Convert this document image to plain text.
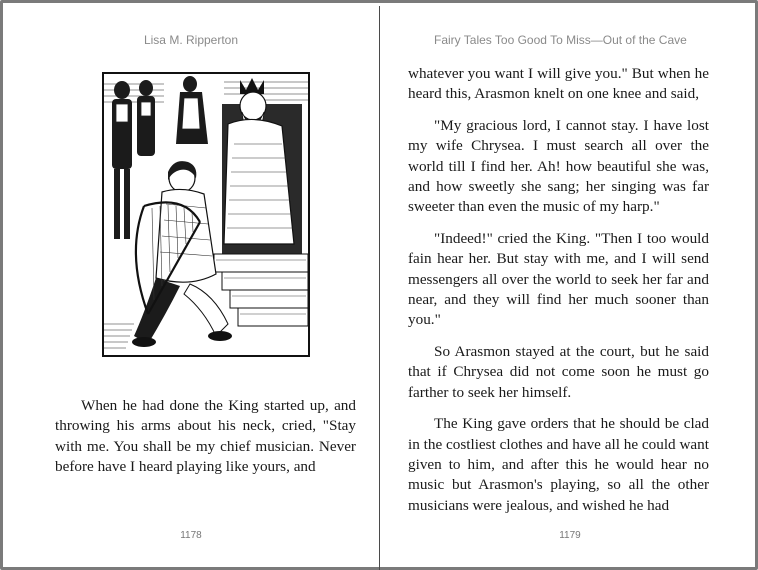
Lisa M. Ripperton

When he had done the King started up, and throwing his arms about his neck, cried, "Stay with me. You shall be my chief musician. Never before have I heard playing like yours, and

1178
Fairy Tales Too Good To Miss—Out of the Cave

whatever you want I will give you." But when he heard this, Arasmon knelt on one knee and said,

"My gracious lord, I cannot stay. I have lost my wife Chrysea. I must search all over the world till I find her. Ah! how beautiful she was, and how sweetly she sang; her singing was far sweeter than even the music of my harp."

"Indeed!" cried the King. "Then I too would fain hear her. But stay with me, and I will send messengers all over the world to seek her far and near, and they will find her much sooner than you."

So Arasmon stayed at the court, but he said that if Chrysea did not come soon he must go farther to seek her himself.

The King gave orders that he should be clad in the costliest clothes and have all he could want given to him, and after this he would hear no music but Arasmon's playing, so all the other musicians were jealous, and wished he had

1179
